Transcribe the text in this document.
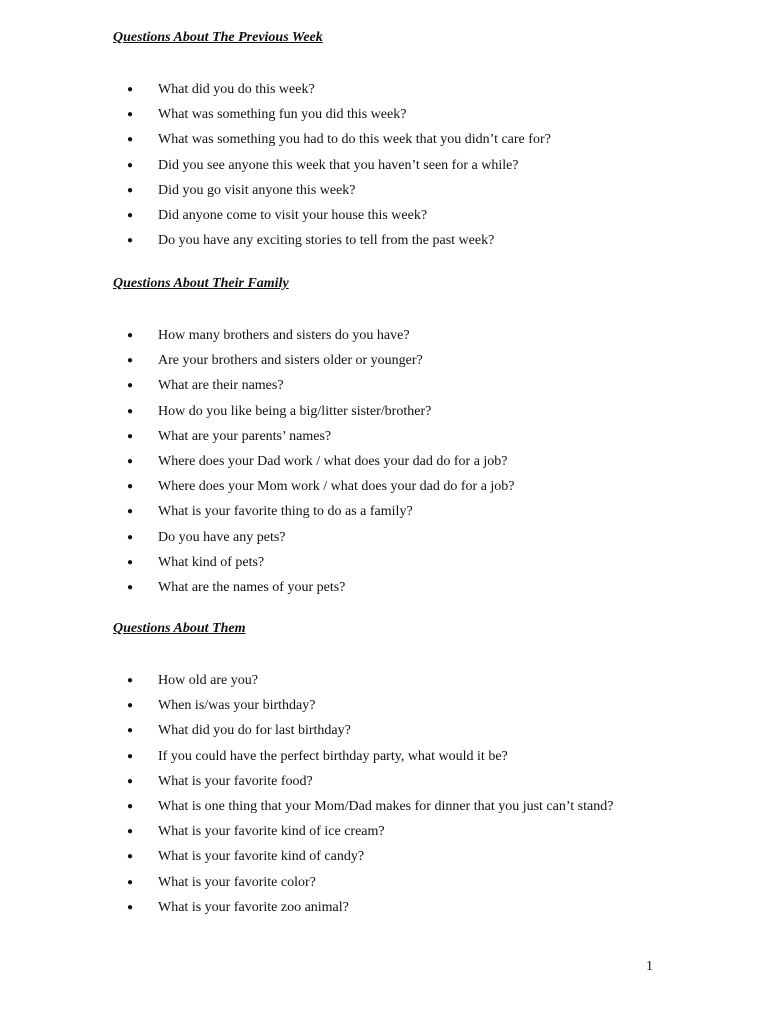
Questions About The Previous Week
● What did you do this week?
● What was something fun you did this week?
● What was something you had to do this week that you didn’t care for?
● Did you see anyone this week that you haven’t seen for a while?
● Did you go visit anyone this week?
● Did anyone come to visit your house this week?
● Do you have any exciting stories to tell from the past week?
Questions About Their Family
● How many brothers and sisters do you have?
● Are your brothers and sisters older or younger?
● What are their names?
● How do you like being a big/litter sister/brother?
● What are your parents’ names?
● Where does your Dad work / what does your dad do for a job?
● Where does your Mom work / what does your dad do for a job?
● What is your favorite thing to do as a family?
● Do you have any pets?
● What kind of pets?
● What are the names of your pets?
Questions About Them
● How old are you?
● When is/was your birthday?
● What did you do for last birthday?
● If you could have the perfect birthday party, what would it be?
● What is your favorite food?
● What is one thing that your Mom/Dad makes for dinner that you just can’t stand?
● What is your favorite kind of ice cream?
● What is your favorite kind of candy?
● What is your favorite color?
● What is your favorite zoo animal?
1
